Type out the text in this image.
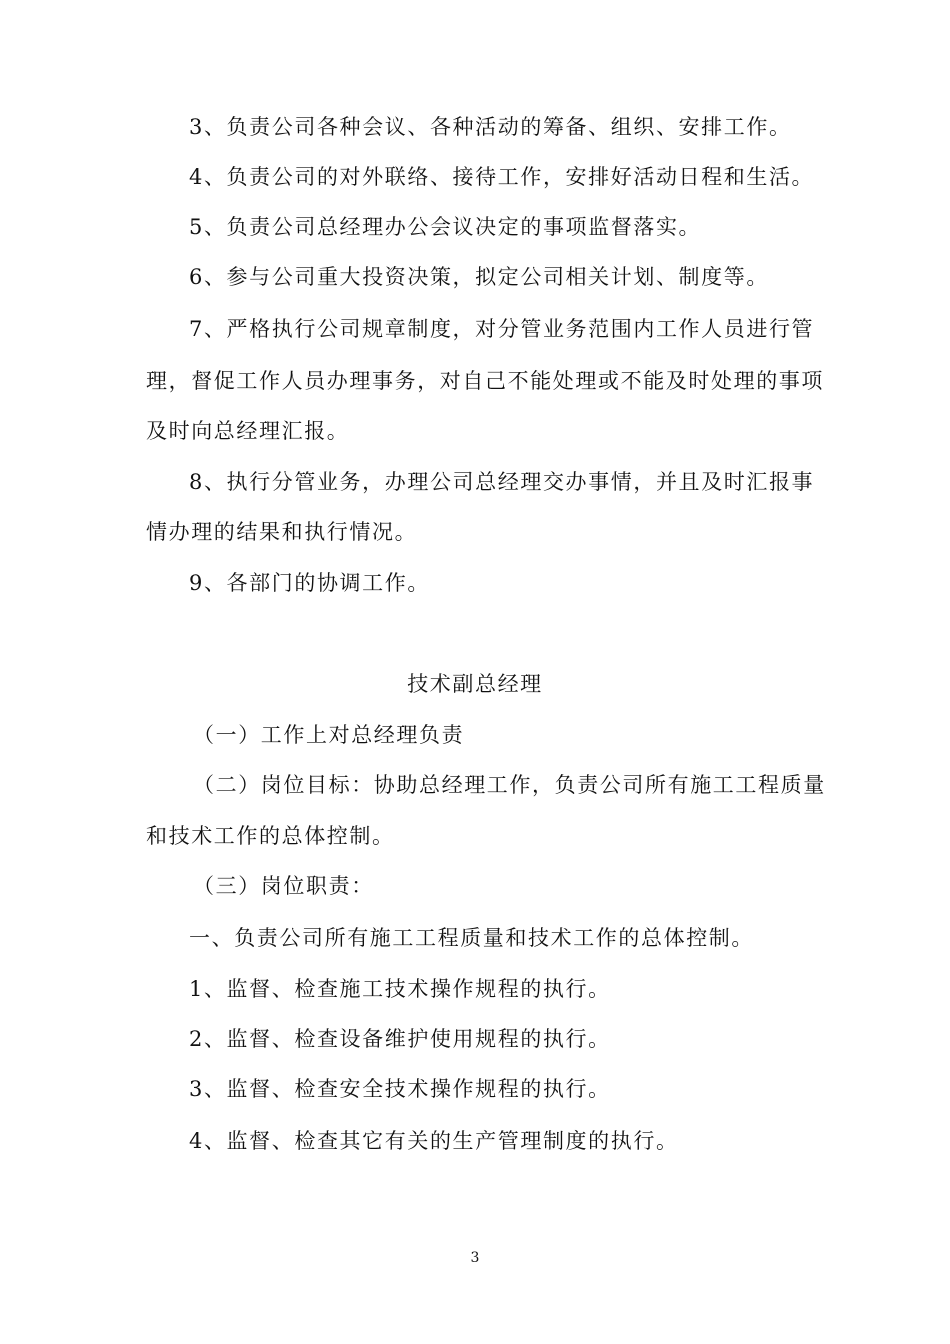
3、负责公司各种会议、各种活动的筹备、组织、安排工作。
4、负责公司的对外联络、接待工作，安排好活动日程和生活。
5、负责公司总经理办公会议决定的事项监督落实。
6、参与公司重大投资决策，拟定公司相关计划、制度等。
7、严格执行公司规章制度，对分管业务范围内工作人员进行管
理，督促工作人员办理事务，对自己不能处理或不能及时处理的事项
及时向总经理汇报。
8、执行分管业务，办理公司总经理交办事情，并且及时汇报事
情办理的结果和执行情况。
9、各部门的协调工作。
技术副总经理
（一）工作上对总经理负责
（二）岗位目标：协助总经理工作，负责公司所有施工工程质量
和技术工作的总体控制。
（三）岗位职责：
一、负责公司所有施工工程质量和技术工作的总体控制。
1、监督、检查施工技术操作规程的执行。
2、监督、检查设备维护使用规程的执行。
3、监督、检查安全技术操作规程的执行。
4、监督、检查其它有关的生产管理制度的执行。
3
